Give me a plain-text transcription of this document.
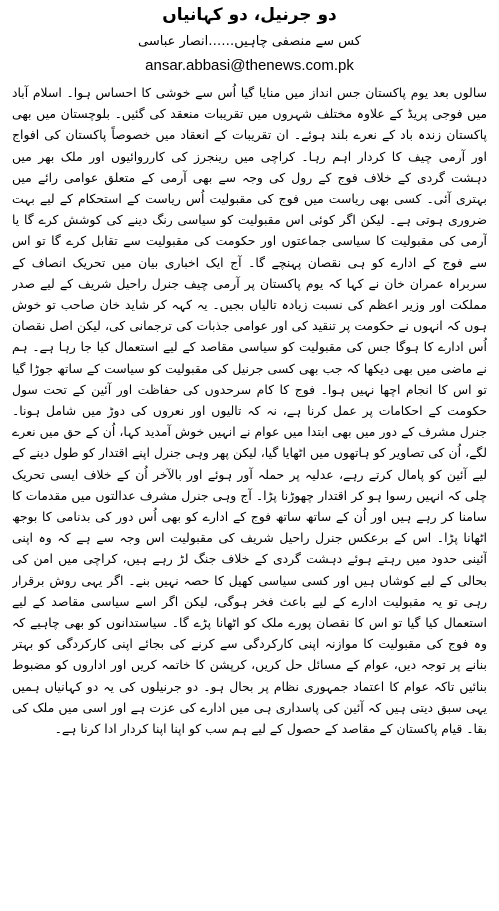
دو جرنیل، دو کہانیاں

کس سے منصفی چاہیں……انصار عباسی

ansar.abbasi@thenews.com.pk

سالوں بعد یوم پاکستان جس انداز میں منایا گیا اُس سے خوشی کا احساس ہوا۔ اسلام آباد میں فوجی پریڈ کے علاوہ مختلف شہروں میں تقریبات منعقد کی گئیں۔ بلوچستان میں بھی پاکستان زندہ باد کے نعرے بلند ہوئے۔ ان تقریبات کے انعقاد میں خصوصاً پاکستان کی افواج اور آرمی چیف کا کردار اہم رہا۔ کراچی میں رینجرز کی کارروائیوں اور ملک بھر میں دہشت گردی کے خلاف فوج کے رول کی وجہ سے بھی آرمی کے متعلق عوامی رائے میں بہتری آئی۔ کسی بھی ریاست میں فوج کی مقبولیت اُس ریاست کے استحکام کے لیے بہت ضروری ہوتی ہے۔ لیکن اگر کوئی اس مقبولیت کو سیاسی رنگ دینے کی کوشش کرے گا یا آرمی کی مقبولیت کا سیاسی جماعتوں اور حکومت کی مقبولیت سے تقابل کرے گا تو اس سے فوج کے ادارے کو ہی نقصان پہنچے گا۔ آج ایک اخباری بیان میں تحریک انصاف کے سربراہ عمران خان نے کہا کہ یوم پاکستان پر آرمی چیف جنرل راحیل شریف کے لیے صدر مملکت اور وزیر اعظم کی نسبت زیادہ تالیاں بجیں۔ یہ کہہ کر شاید خان صاحب تو خوش ہوں کہ انہوں نے حکومت پر تنقید کی اور عوامی جذبات کی ترجمانی کی، لیکن اصل نقصان اُس ادارے کا ہوگا جس کی مقبولیت کو سیاسی مقاصد کے لیے استعمال کیا جا رہا ہے۔ ہم نے ماضی میں بھی دیکھا کہ جب بھی کسی جرنیل کی مقبولیت کو سیاست کے ساتھ جوڑا گیا تو اس کا انجام اچھا نہیں ہوا۔ فوج کا کام سرحدوں کی حفاظت اور آئین کے تحت سول حکومت کے احکامات پر عمل کرنا ہے، نہ کہ تالیوں اور نعروں کی دوڑ میں شامل ہونا۔ جنرل مشرف کے دور میں بھی ابتدا میں عوام نے انہیں خوش آمدید کہا، اُن کے حق میں نعرے لگے، اُن کی تصاویر کو ہاتھوں میں اٹھایا گیا، لیکن پھر وہی جنرل اپنے اقتدار کو طول دینے کے لیے آئین کو پامال کرتے رہے، عدلیہ پر حملہ آور ہوئے اور بالآخر اُن کے خلاف ایسی تحریک چلی کہ انہیں رسوا ہو کر اقتدار چھوڑنا پڑا۔ آج وہی جنرل مشرف عدالتوں میں مقدمات کا سامنا کر رہے ہیں اور اُن کے ساتھ ساتھ فوج کے ادارے کو بھی اُس دور کی بدنامی کا بوجھ اٹھانا پڑا۔ اس کے برعکس جنرل راحیل شریف کی مقبولیت اس وجہ سے ہے کہ وہ اپنی آئینی حدود میں رہتے ہوئے دہشت گردی کے خلاف جنگ لڑ رہے ہیں، کراچی میں امن کی بحالی کے لیے کوشاں ہیں اور کسی سیاسی کھیل کا حصہ نہیں بنے۔ اگر یہی روش برقرار رہی تو یہ مقبولیت ادارے کے لیے باعث فخر ہوگی، لیکن اگر اسے سیاسی مقاصد کے لیے استعمال کیا گیا تو اس کا نقصان پورے ملک کو اٹھانا پڑے گا۔ سیاستدانوں کو بھی چاہیے کہ وہ فوج کی مقبولیت کا موازنہ اپنی کارکردگی سے کرنے کی بجائے اپنی کارکردگی کو بہتر بنانے پر توجہ دیں، عوام کے مسائل حل کریں، کرپشن کا خاتمہ کریں اور اداروں کو مضبوط بنائیں تاکہ عوام کا اعتماد جمہوری نظام پر بحال ہو۔ دو جرنیلوں کی یہ دو کہانیاں ہمیں یہی سبق دیتی ہیں کہ آئین کی پاسداری ہی میں ادارے کی عزت ہے اور اسی میں ملک کی بقا۔ قیام پاکستان کے مقاصد کے حصول کے لیے ہم سب کو اپنا اپنا کردار ادا کرنا ہے۔
